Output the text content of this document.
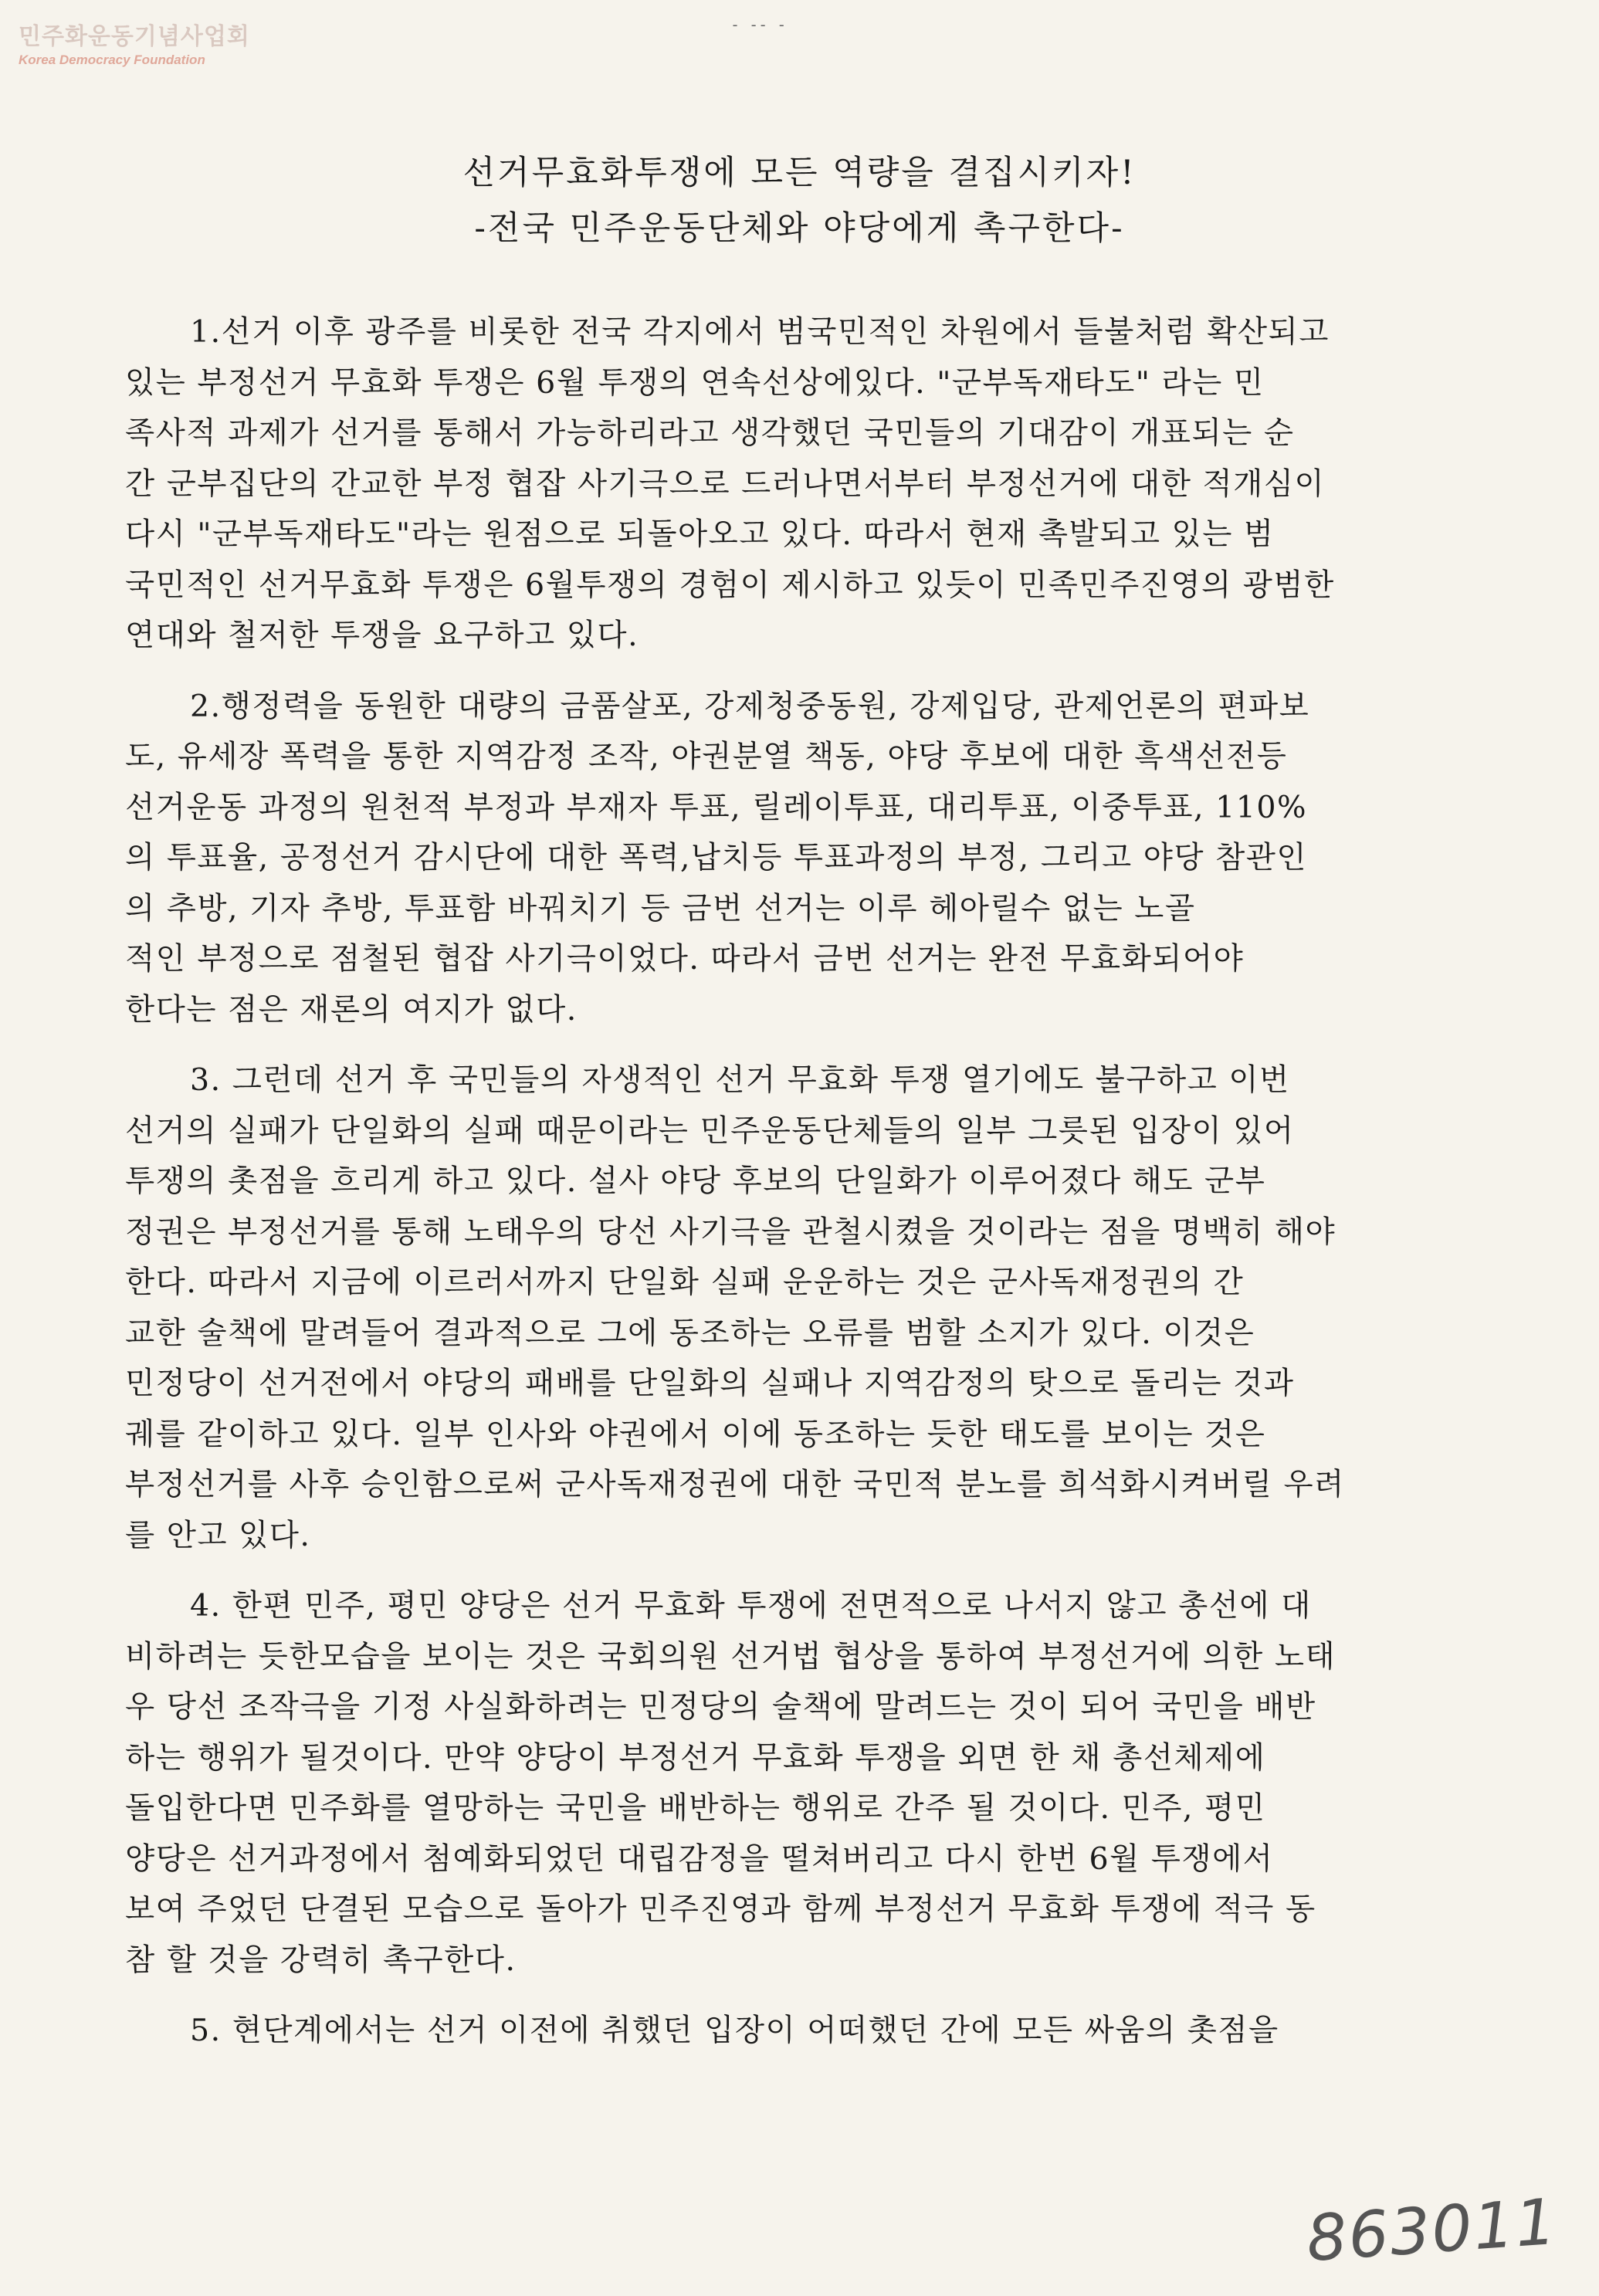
민주화운동기념사업회
Korea Democracy Foundation
- -- -
선거무효화투쟁에 모든 역량을 결집시키자!
-전국 민주운동단체와 야당에게 촉구한다-
1.선거 이후 광주를 비롯한 전국 각지에서 범국민적인 차원에서 들불처럼 확산되고
있는 부정선거 무효화 투쟁은 6월 투쟁의 연속선상에있다. "군부독재타도" 라는 민
족사적 과제가 선거를 통해서 가능하리라고 생각했던 국민들의 기대감이 개표되는 순
간 군부집단의 간교한 부정 협잡 사기극으로 드러나면서부터 부정선거에 대한 적개심이
다시 "군부독재타도"라는 원점으로 되돌아오고 있다. 따라서 현재 촉발되고 있는 범
국민적인 선거무효화 투쟁은 6월투쟁의 경험이 제시하고 있듯이 민족민주진영의 광범한
연대와 철저한 투쟁을 요구하고 있다.
2.행정력을 동원한 대량의 금품살포, 강제청중동원, 강제입당, 관제언론의 편파보
도, 유세장 폭력을 통한 지역감정 조작, 야권분열 책동, 야당 후보에 대한 흑색선전등
선거운동 과정의 원천적 부정과 부재자 투표, 릴레이투표, 대리투표, 이중투표, 110%
의 투표율, 공정선거 감시단에 대한 폭력,납치등 투표과정의 부정, 그리고 야당 참관인
의 추방, 기자 추방, 투표함 바꿔치기 등 금번 선거는 이루 헤아릴수 없는 노골
적인 부정으로 점철된 협잡 사기극이었다. 따라서 금번 선거는 완전 무효화되어야
한다는 점은 재론의 여지가 없다.
3. 그런데 선거 후 국민들의 자생적인 선거 무효화 투쟁 열기에도 불구하고 이번
선거의 실패가 단일화의 실패 때문이라는 민주운동단체들의 일부 그릇된 입장이 있어
투쟁의 촛점을 흐리게 하고 있다. 설사 야당 후보의 단일화가 이루어졌다 해도 군부
정권은 부정선거를 통해 노태우의 당선 사기극을 관철시켰을 것이라는 점을 명백히 해야
한다. 따라서 지금에 이르러서까지 단일화 실패 운운하는 것은 군사독재정권의 간
교한 술책에 말려들어 결과적으로 그에 동조하는 오류를 범할 소지가 있다. 이것은
민정당이 선거전에서 야당의 패배를 단일화의 실패나 지역감정의 탓으로 돌리는 것과
궤를 같이하고 있다. 일부 인사와 야권에서 이에 동조하는 듯한 태도를 보이는 것은
부정선거를 사후 승인함으로써 군사독재정권에 대한 국민적 분노를 희석화시켜버릴 우려
를 안고 있다.
4. 한편 민주, 평민 양당은 선거 무효화 투쟁에 전면적으로 나서지 않고 총선에 대
비하려는 듯한모습을 보이는 것은 국회의원 선거법 협상을 통하여 부정선거에 의한 노태
우 당선 조작극을 기정 사실화하려는 민정당의 술책에 말려드는 것이 되어 국민을 배반
하는 행위가 될것이다. 만약 양당이 부정선거 무효화 투쟁을 외면 한 채 총선체제에
돌입한다면 민주화를 열망하는 국민을 배반하는 행위로 간주 될 것이다. 민주, 평민
양당은 선거과정에서 첨예화되었던 대립감정을 떨쳐버리고 다시 한번 6월 투쟁에서
보여 주었던 단결된 모습으로 돌아가 민주진영과 함께 부정선거 무효화 투쟁에 적극 동
참 할 것을 강력히 촉구한다.
5. 현단계에서는 선거 이전에 취했던 입장이 어떠했던 간에 모든 싸움의 촛점을
863011
